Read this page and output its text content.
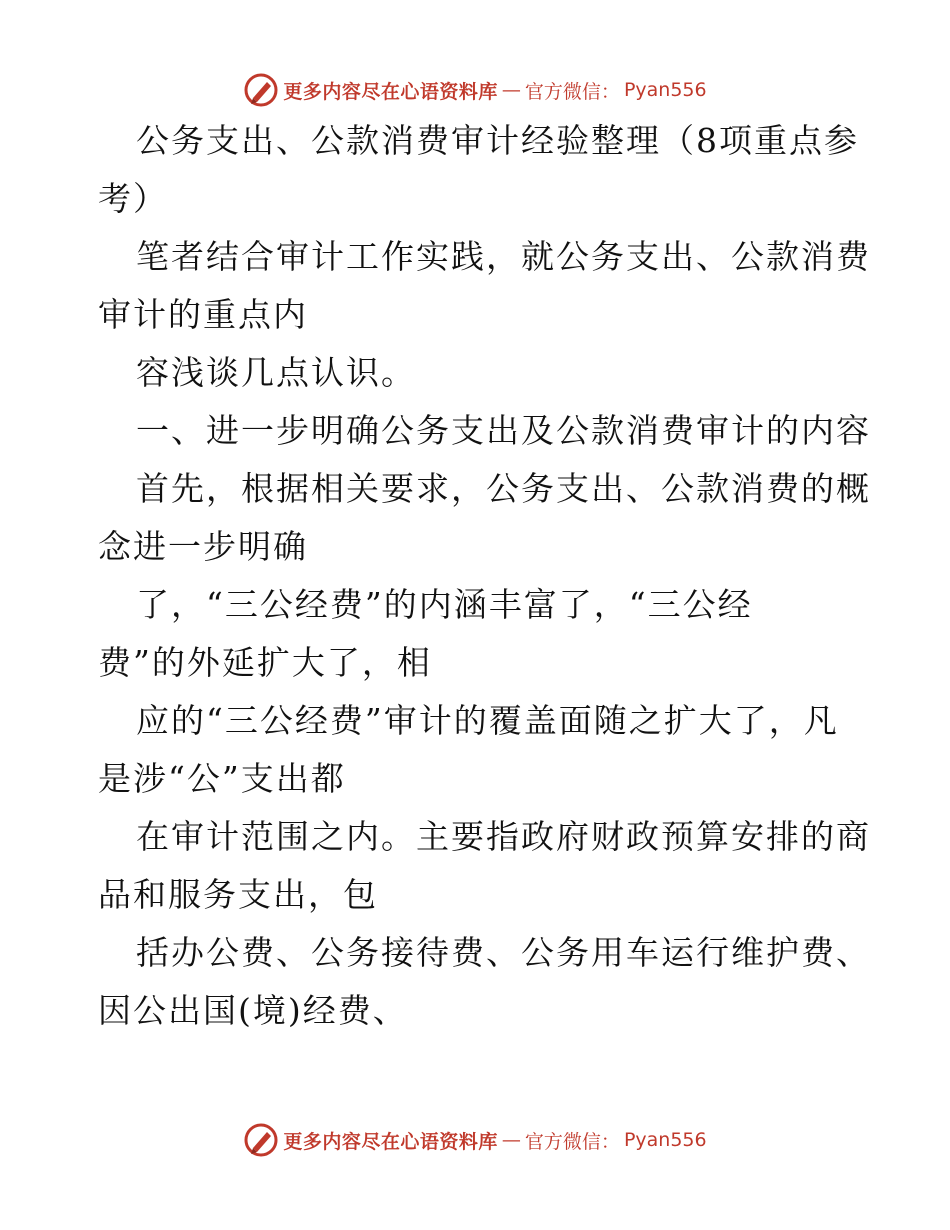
更多内容尽在心语资料库 — 官方微信： Pyan556
公务支出、公款消费审计经验整理（8项重点参
考）
笔者结合审计工作实践，就公务支出、公款消费
审计的重点内
容浅谈几点认识。
一、进一步明确公务支出及公款消费审计的内容
首先，根据相关要求，公务支出、公款消费的概
念进一步明确
了，“三公经费”的内涵丰富了，“三公经
费”的外延扩大了，相
应的“三公经费”审计的覆盖面随之扩大了，凡
是涉“公”支出都
在审计范围之内。主要指政府财政预算安排的商
品和服务支出，包
括办公费、公务接待费、公务用车运行维护费、
因公出国(境)经费、
更多内容尽在心语资料库 — 官方微信： Pyan556
